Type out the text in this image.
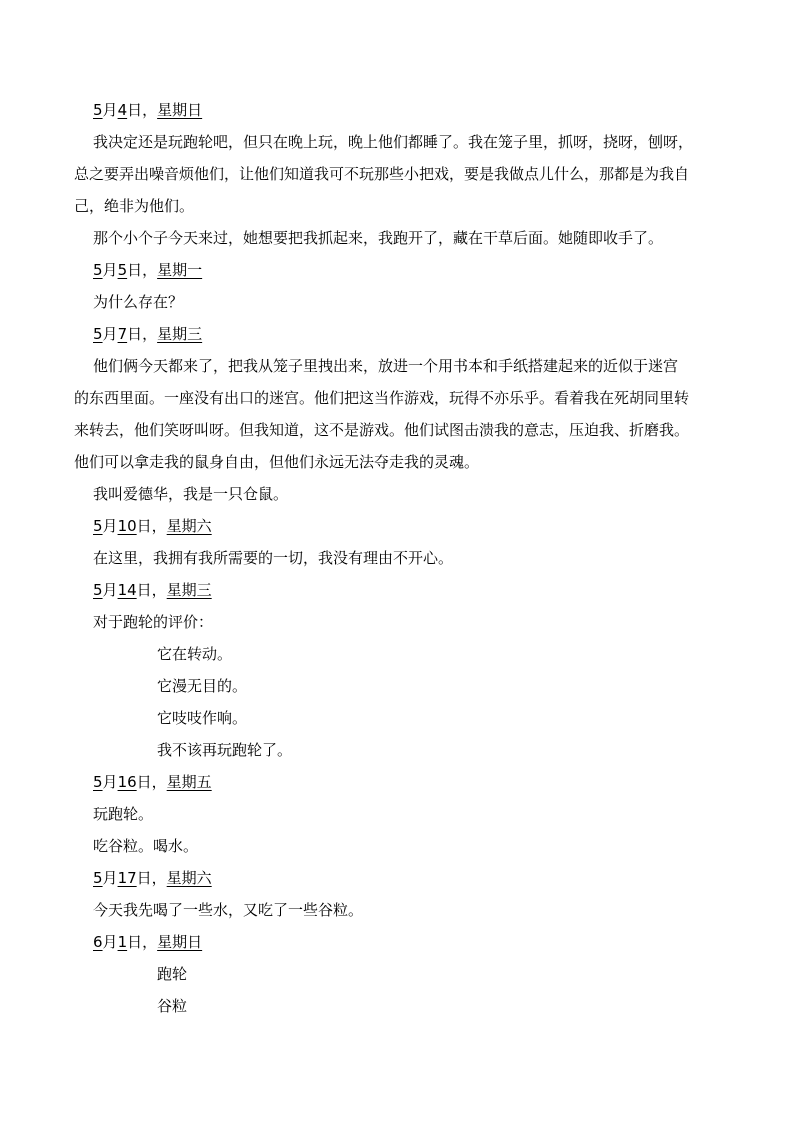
5月4日，星期日
我决定还是玩跑轮吧，但只在晚上玩，晚上他们都睡了。我在笼子里，抓呀，挠呀，刨呀，
总之要弄出噪音烦他们，让他们知道我可不玩那些小把戏，要是我做点儿什么，那都是为我自
己，绝非为他们。
那个小个子今天来过，她想要把我抓起来，我跑开了，藏在干草后面。她随即收手了。
5月5日，星期一
为什么存在？
5月7日，星期三
他们俩今天都来了，把我从笼子里拽出来，放进一个用书本和手纸搭建起来的近似于迷宫
的东西里面。一座没有出口的迷宫。他们把这当作游戏，玩得不亦乐乎。看着我在死胡同里转
来转去，他们笑呀叫呀。但我知道，这不是游戏。他们试图击溃我的意志，压迫我、折磨我。
他们可以拿走我的鼠身自由，但他们永远无法夺走我的灵魂。
我叫爱德华，我是一只仓鼠。
5月10日，星期六
在这里，我拥有我所需要的一切，我没有理由不开心。
5月14日，星期三
对于跑轮的评价：
它在转动。
它漫无目的。
它吱吱作响。
我不该再玩跑轮了。
5月16日，星期五
玩跑轮。
吃谷粒。喝水。
5月17日，星期六
今天我先喝了一些水，又吃了一些谷粒。
6月1日，星期日
跑轮
谷粒
